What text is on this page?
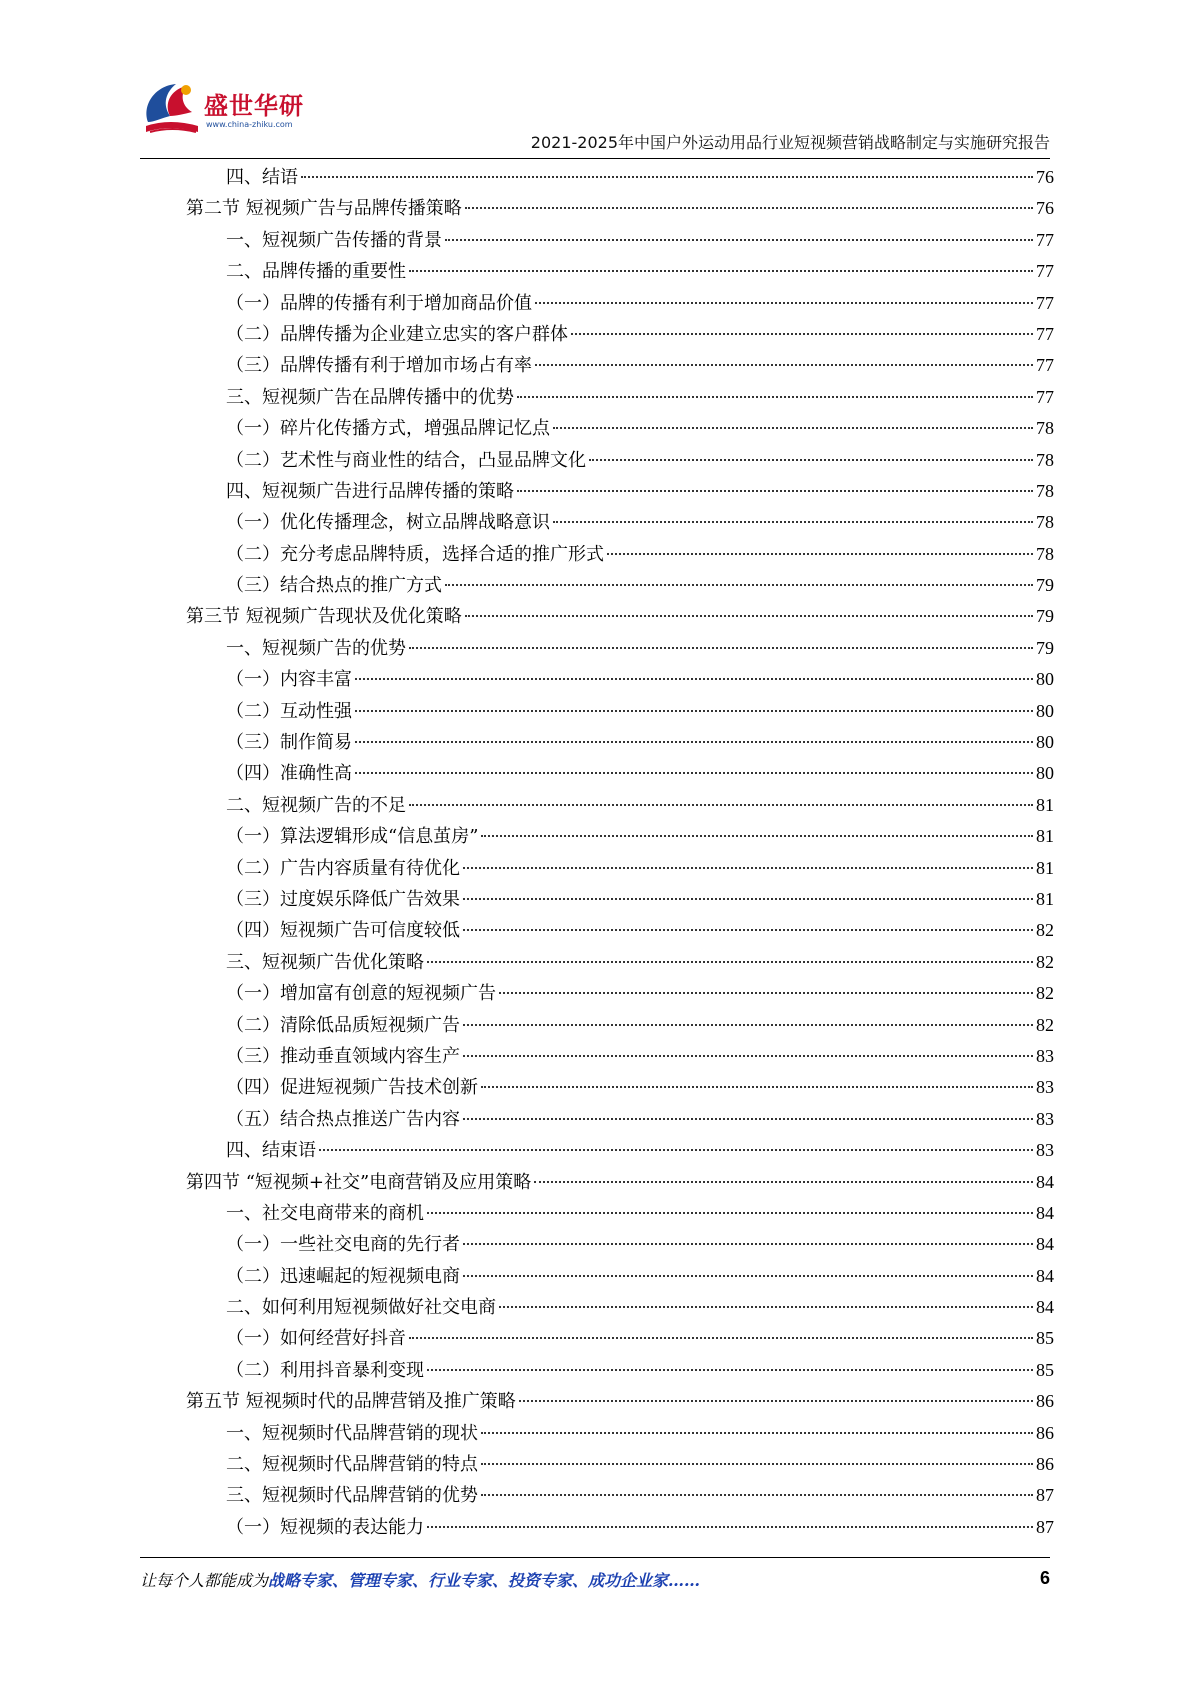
盛世华研
www.china-zhiku.com
2021-2025年中国户外运动用品行业短视频营销战略制定与实施研究报告
四、结语	76
第二节 短视频广告与品牌传播策略	76
一、短视频广告传播的背景	77
二、品牌传播的重要性	77
（一）品牌的传播有利于增加商品价值	77
（二）品牌传播为企业建立忠实的客户群体	77
（三）品牌传播有利于增加市场占有率	77
三、短视频广告在品牌传播中的优势	77
（一）碎片化传播方式，增强品牌记忆点	78
（二）艺术性与商业性的结合，凸显品牌文化	78
四、短视频广告进行品牌传播的策略	78
（一）优化传播理念，树立品牌战略意识	78
（二）充分考虑品牌特质，选择合适的推广形式	78
（三）结合热点的推广方式	79
第三节 短视频广告现状及优化策略	79
一、短视频广告的优势	79
（一）内容丰富	80
（二）互动性强	80
（三）制作简易	80
（四）准确性高	80
二、短视频广告的不足	81
（一）算法逻辑形成“信息茧房”	81
（二）广告内容质量有待优化	81
（三）过度娱乐降低广告效果	81
（四）短视频广告可信度较低	82
三、短视频广告优化策略	82
（一）增加富有创意的短视频广告	82
（二）清除低品质短视频广告	82
（三）推动垂直领域内容生产	83
（四）促进短视频广告技术创新	83
（五）结合热点推送广告内容	83
四、结束语	83
第四节 “短视频+社交”电商营销及应用策略	84
一、社交电商带来的商机	84
（一）一些社交电商的先行者	84
（二）迅速崛起的短视频电商	84
二、如何利用短视频做好社交电商	84
（一）如何经营好抖音	85
（二）利用抖音暴利变现	85
第五节 短视频时代的品牌营销及推广策略	86
一、短视频时代品牌营销的现状	86
二、短视频时代品牌营销的特点	86
三、短视频时代品牌营销的优势	87
（一）短视频的表达能力	87
让每个人都能成为战略专家、管理专家、行业专家、投资专家、成功企业家……	6
